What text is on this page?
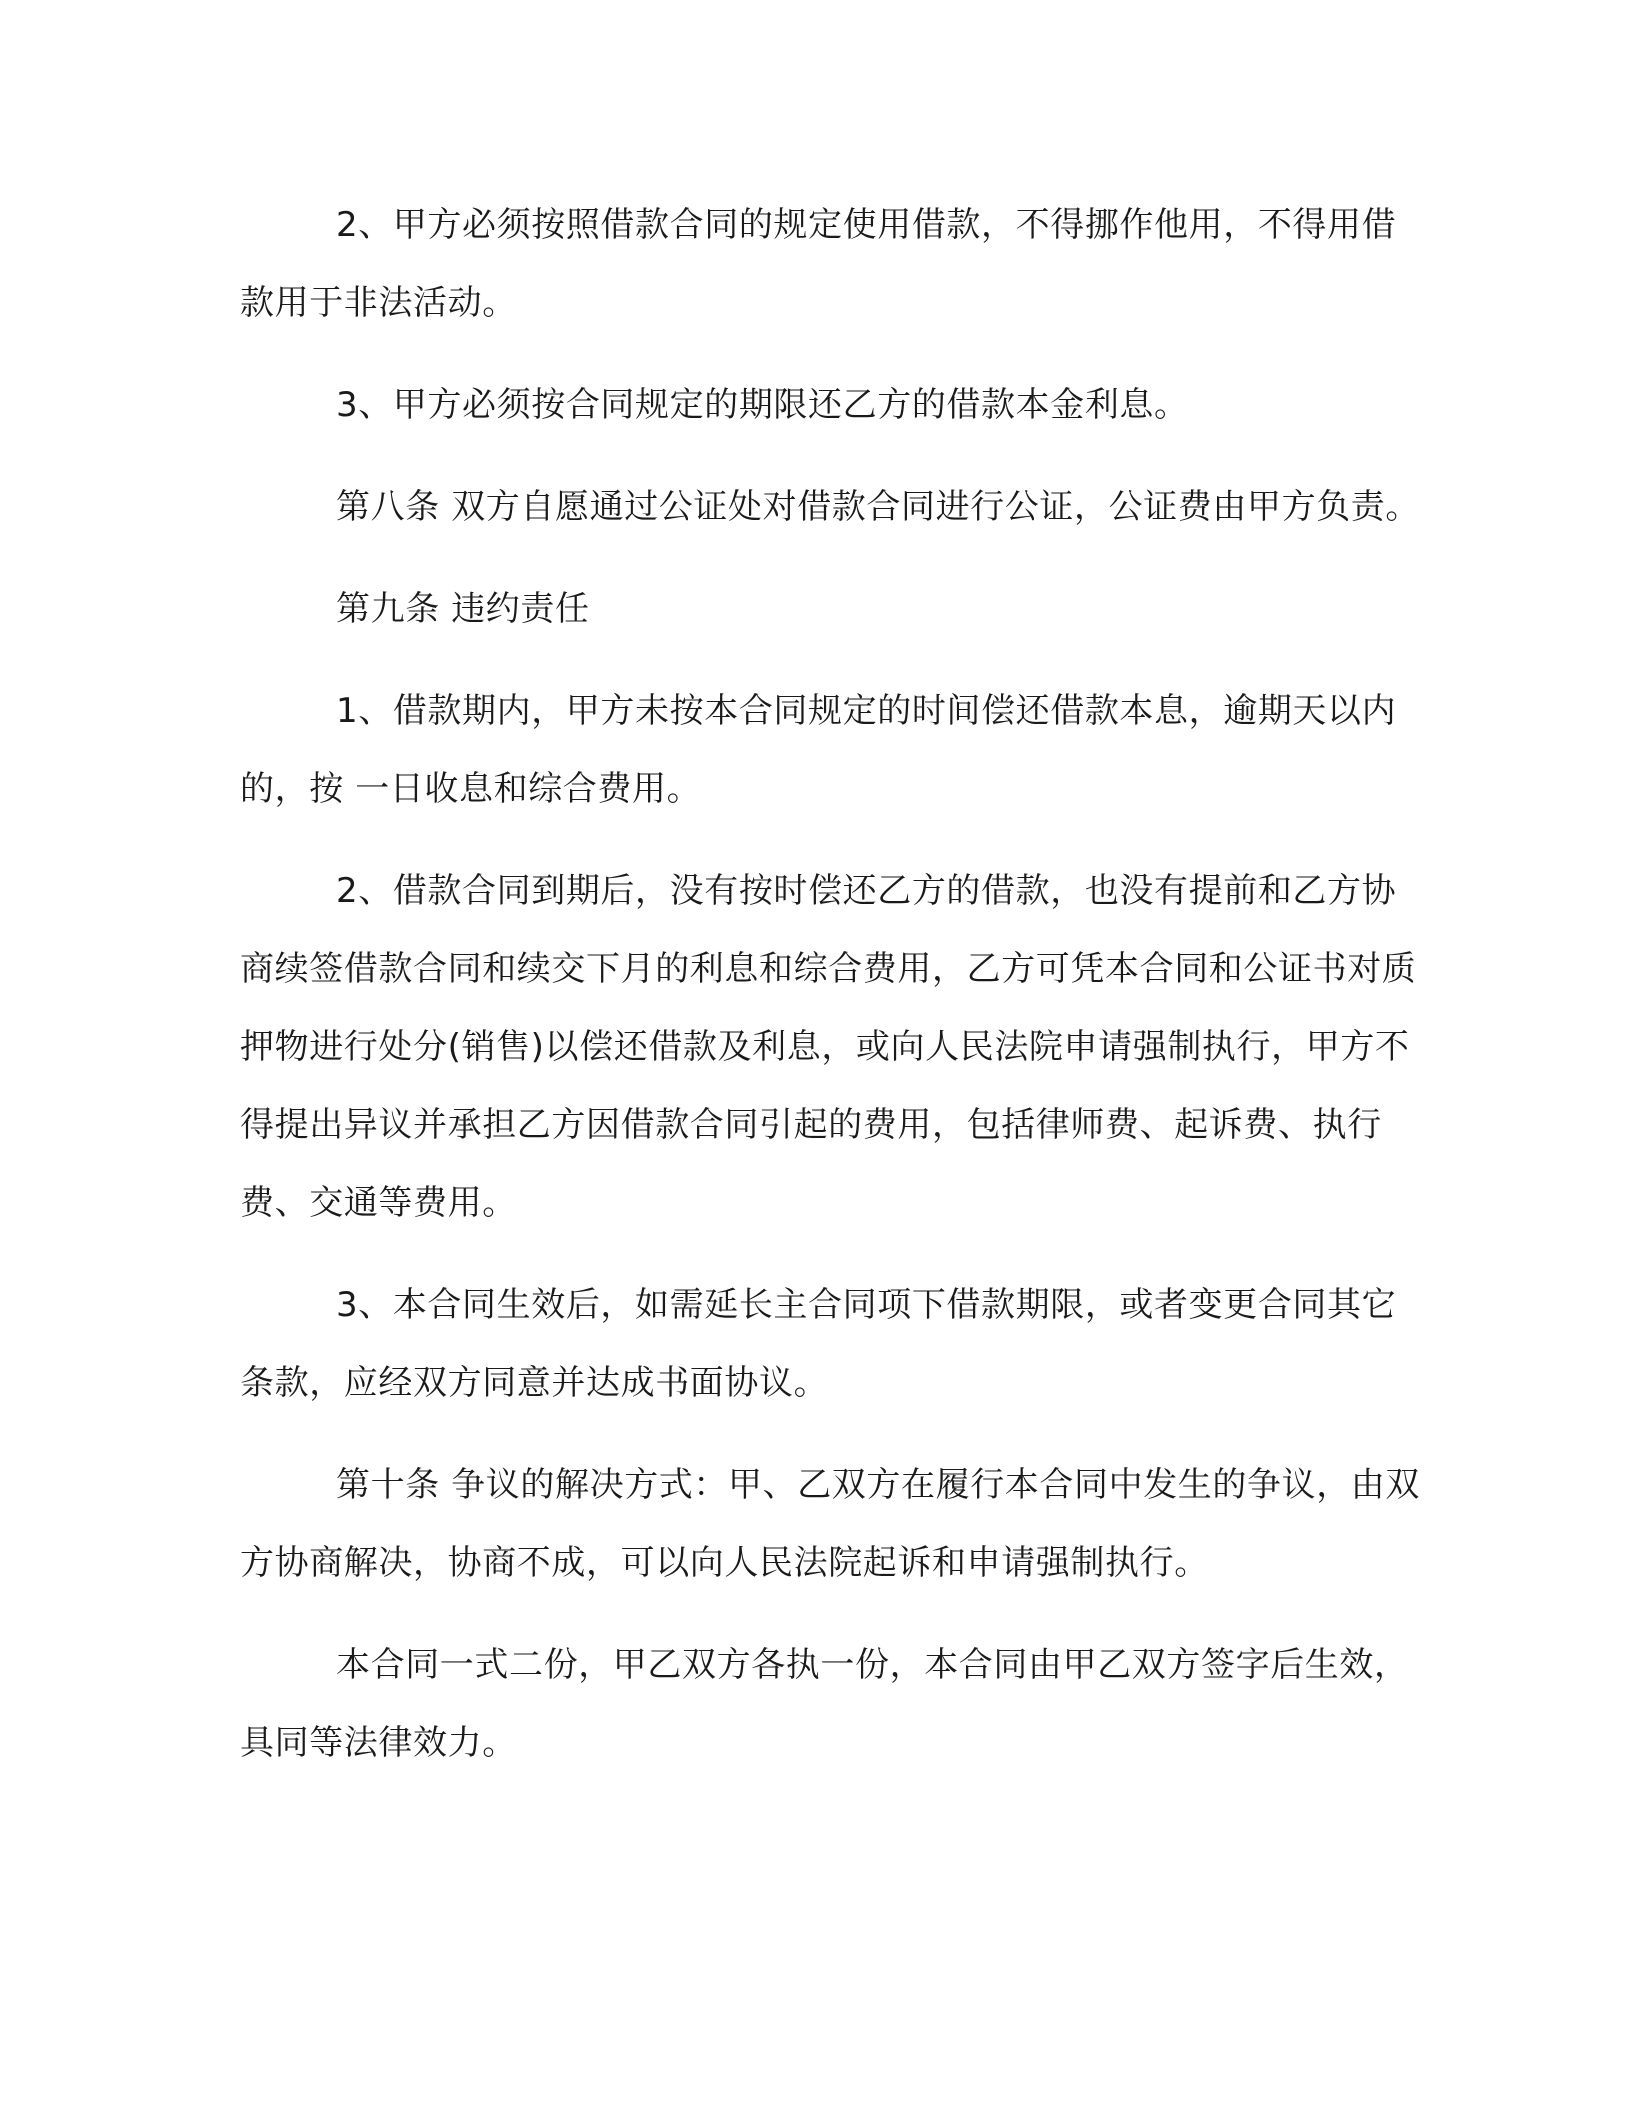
2、甲方必须按照借款合同的规定使用借款，不得挪作他用，不得用借款用于非法活动。

3、甲方必须按合同规定的期限还乙方的借款本金利息。

第八条 双方自愿通过公证处对借款合同进行公证，公证费由甲方负责。

第九条 违约责任

1、借款期内，甲方未按本合同规定的时间偿还借款本息，逾期天以内的，按 一日收息和综合费用。

2、借款合同到期后，没有按时偿还乙方的借款，也没有提前和乙方协商续签借款合同和续交下月的利息和综合费用，乙方可凭本合同和公证书对质押物进行处分(销售)以偿还借款及利息，或向人民法院申请强制执行，甲方不得提出异议并承担乙方因借款合同引起的费用，包括律师费、起诉费、执行费、交通等费用。

3、本合同生效后，如需延长主合同项下借款期限，或者变更合同其它条款，应经双方同意并达成书面协议。

第十条 争议的解决方式：甲、乙双方在履行本合同中发生的争议，由双方协商解决，协商不成，可以向人民法院起诉和申请强制执行。

本合同一式二份，甲乙双方各执一份，本合同由甲乙双方签字后生效，具同等法律效力。
